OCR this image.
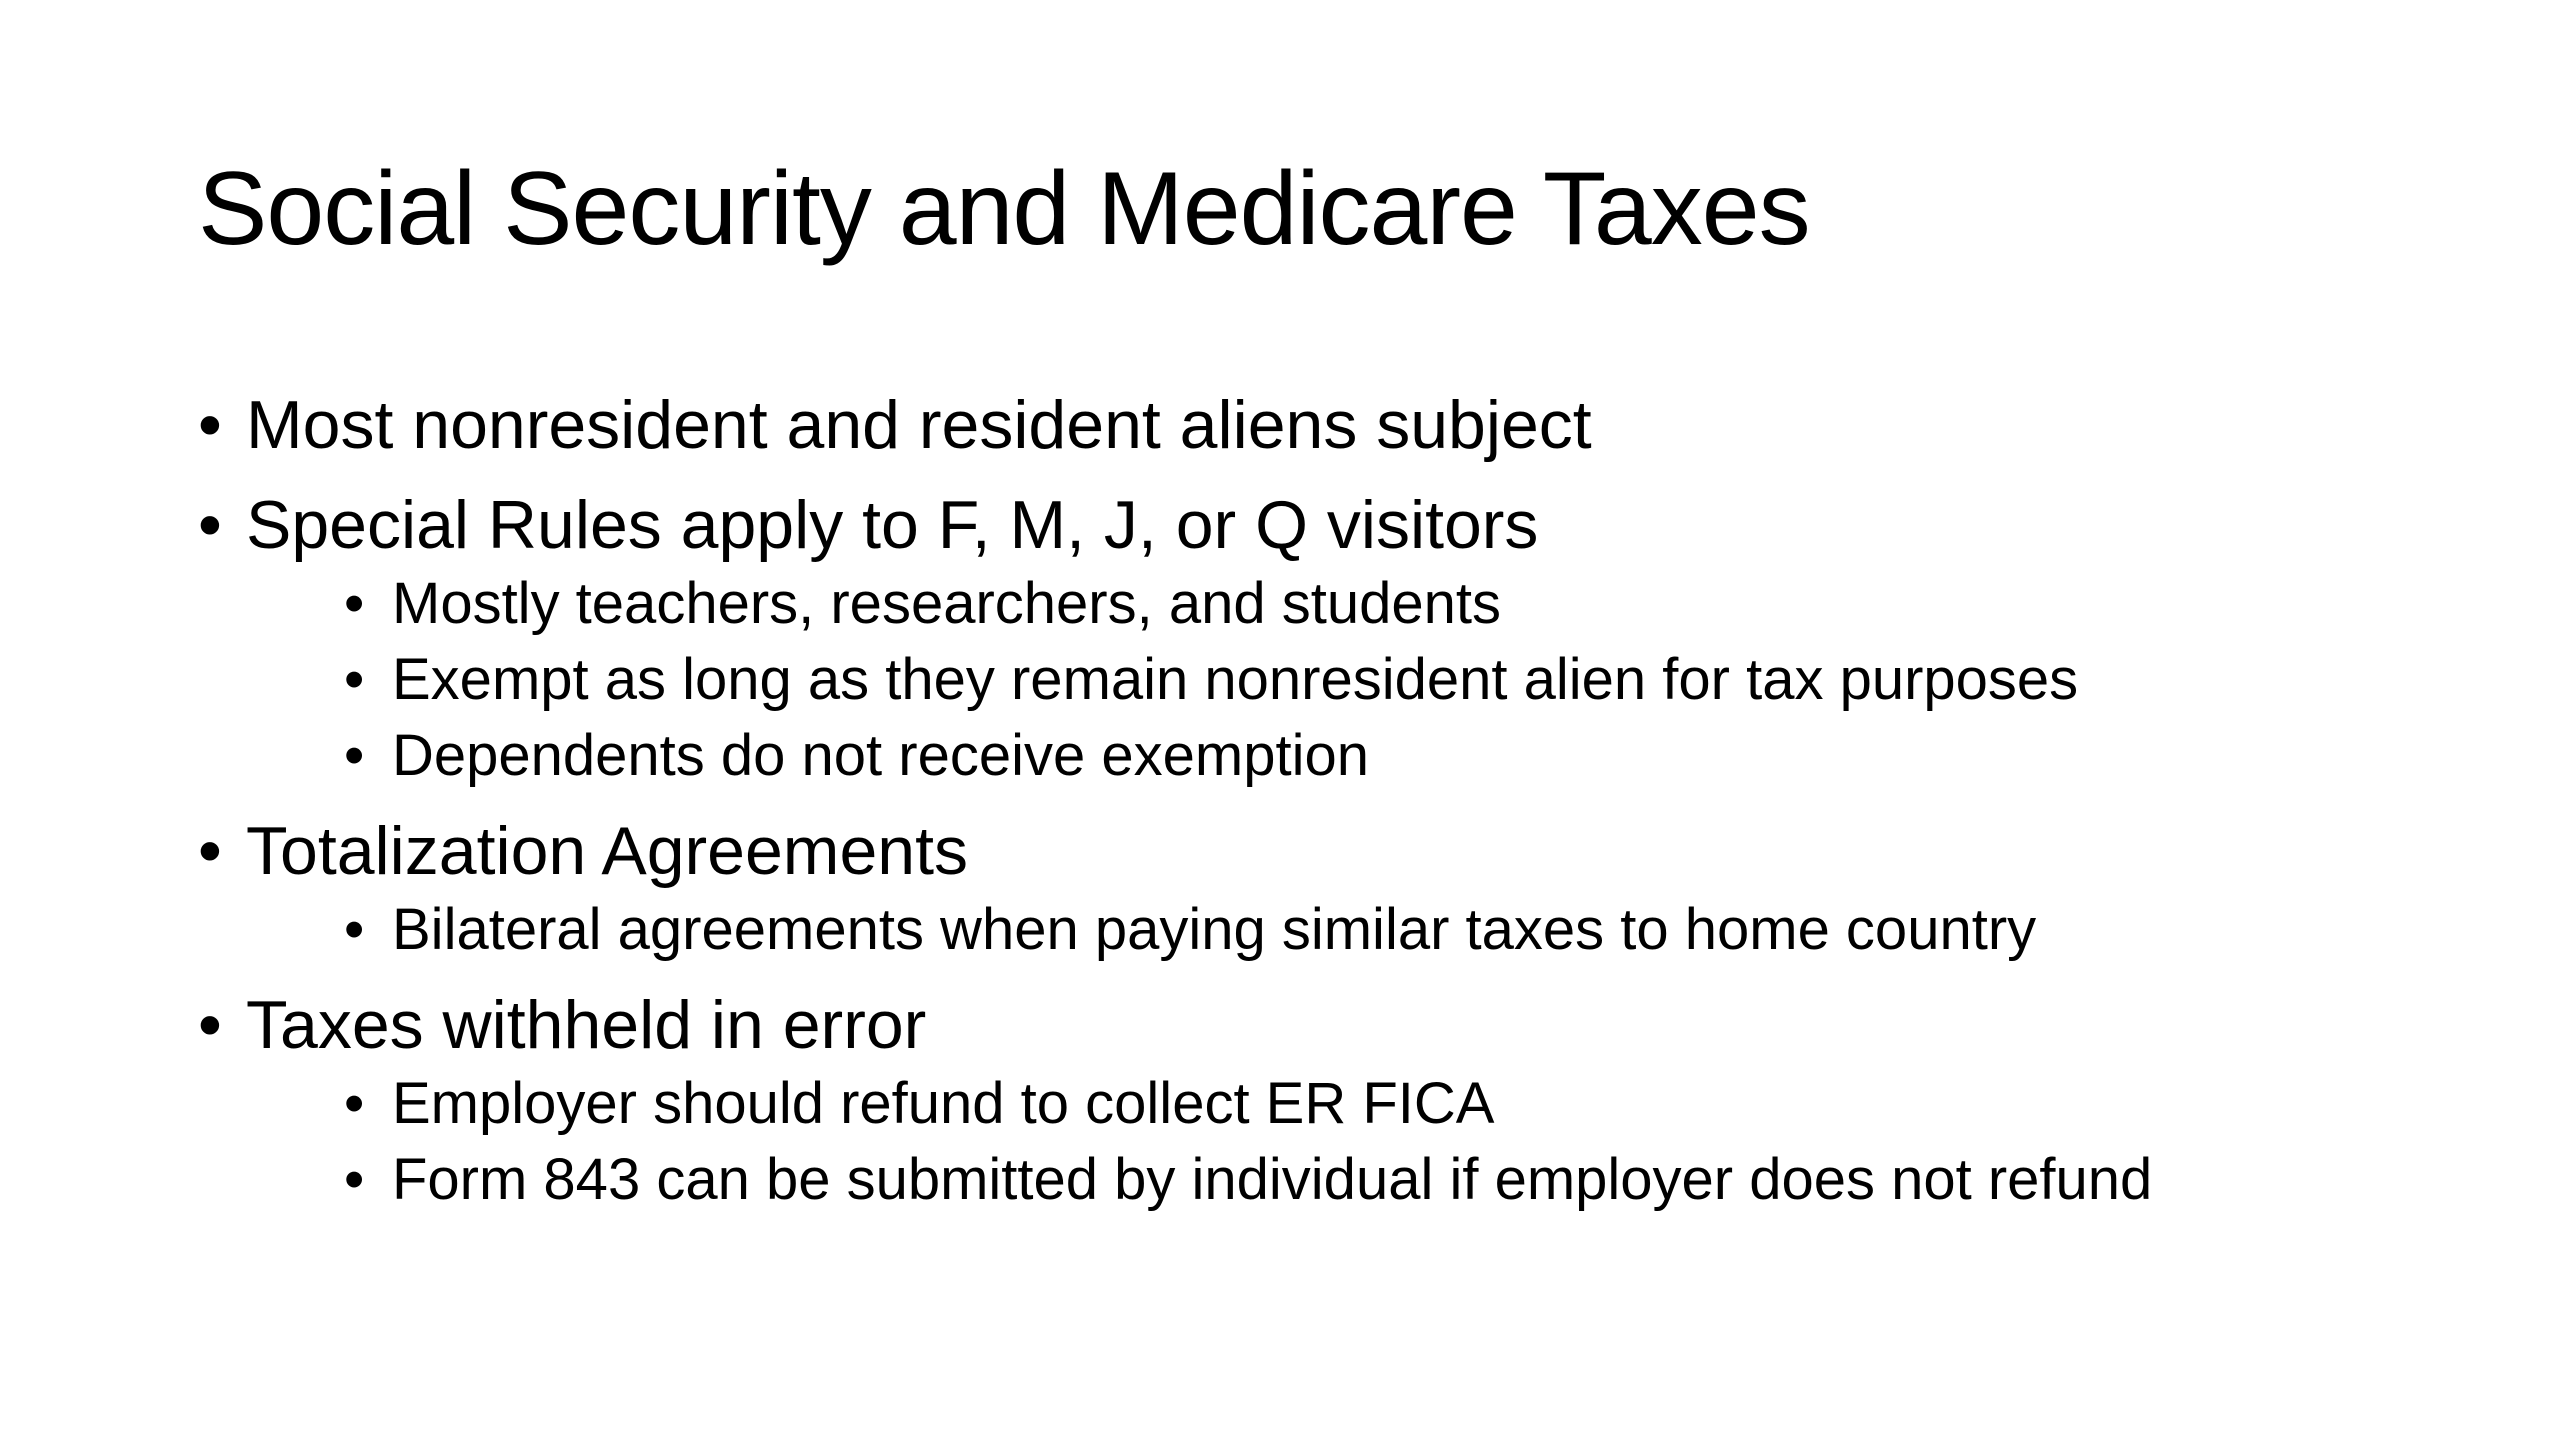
Social Security and Medicare Taxes
• Most nonresident and resident aliens subject
• Special Rules apply to F, M, J, or Q visitors
• Mostly teachers, researchers, and students
• Exempt as long as they remain nonresident alien for tax purposes
• Dependents do not receive exemption
• Totalization Agreements
• Bilateral agreements when paying similar taxes to home country
• Taxes withheld in error
• Employer should refund to collect ER FICA
• Form 843 can be submitted by individual if employer does not refund
